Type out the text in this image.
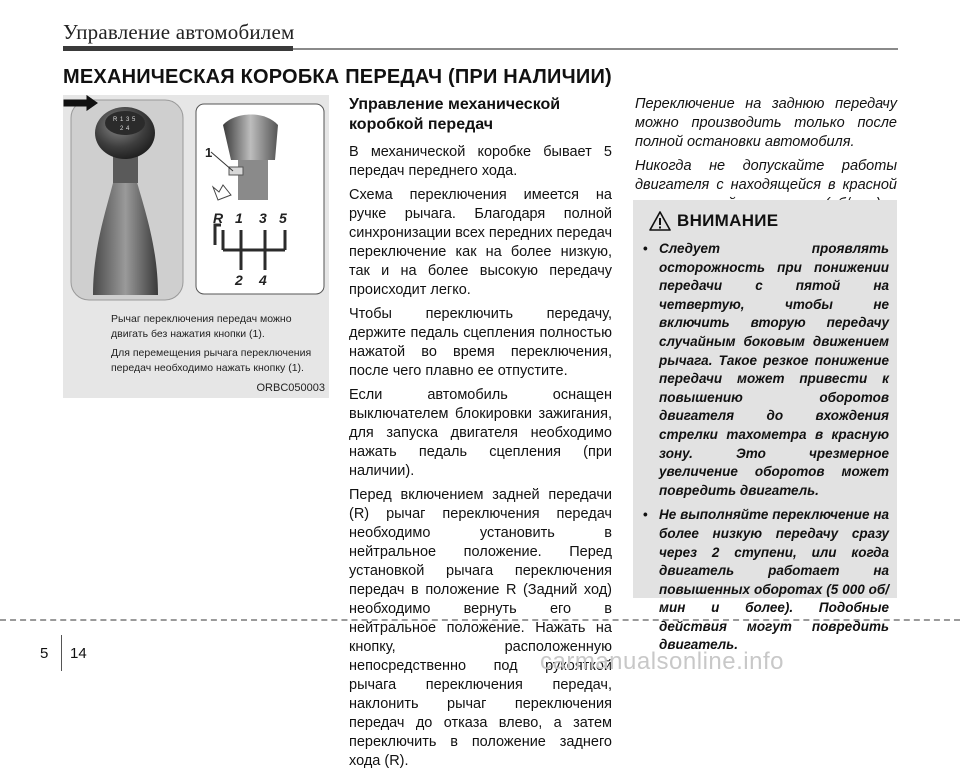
Управление автомобилем
МЕХАНИЧЕСКАЯ КОРОБКА ПЕРЕДАЧ (ПРИ НАЛИЧИИ)
R 1 3 5
2 4
1
R 1 3 5
2 4
Рычаг переключения передач можно двигать без нажатия кнопки (1).
Для перемещения рычага переключения передач необходимо нажать кнопку (1).
ORBC050003
Управление механической коробкой передач

В механической коробке бывает 5 передач переднего хода.

Схема переключения имеется на ручке рычага. Благодаря полной синхронизации всех передних передач переключение как на более низкую, так и на более высокую передачу происходит легко.

Чтобы переключить передачу, держите педаль сцепления полностью нажатой во время переключения, после чего плавно ее отпустите.

Если автомобиль оснащен выключателем блокировки зажигания, для запуска двигателя необходимо нажать педаль сцепления (при наличии).

Перед включением задней передачи (R) рычаг переключения передач необходимо установить в нейтральное положение. Перед установкой рычага переключения передач в положение R (Задний ход) необходимо вернуть его в нейтральное положение. Нажать на кнопку, расположенную непосредственно под рукояткой рычага переключения передач, наклонить рычаг переключения передач до отказа влево, а затем переключить в положение заднего хода (R).

Переключение на заднюю передачу можно производить только после полной остановки автомобиля.

Никогда не допускайте работы двигателя с находящейся в красной

ВНИМАНИЕ
• Следует проявлять осторожность при понижении передачи с пятой на четвертую, чтобы не включить вторую передачу случайным боковым движением рычага. Такое резкое понижение передачи может привести к повышению оборотов двигателя до вхождения стрелки тахометра в красную зону. Это чрезмерное увеличение оборотов может повредить двигатель.
• Не выполняйте переключение на более низкую передачу сразу через 2 ступени, или когда двигатель работает на повышенных оборотах (5 000 об/мин и более). Подобные действия могут повредить двигатель.
5 14	carmanualsonline.info
